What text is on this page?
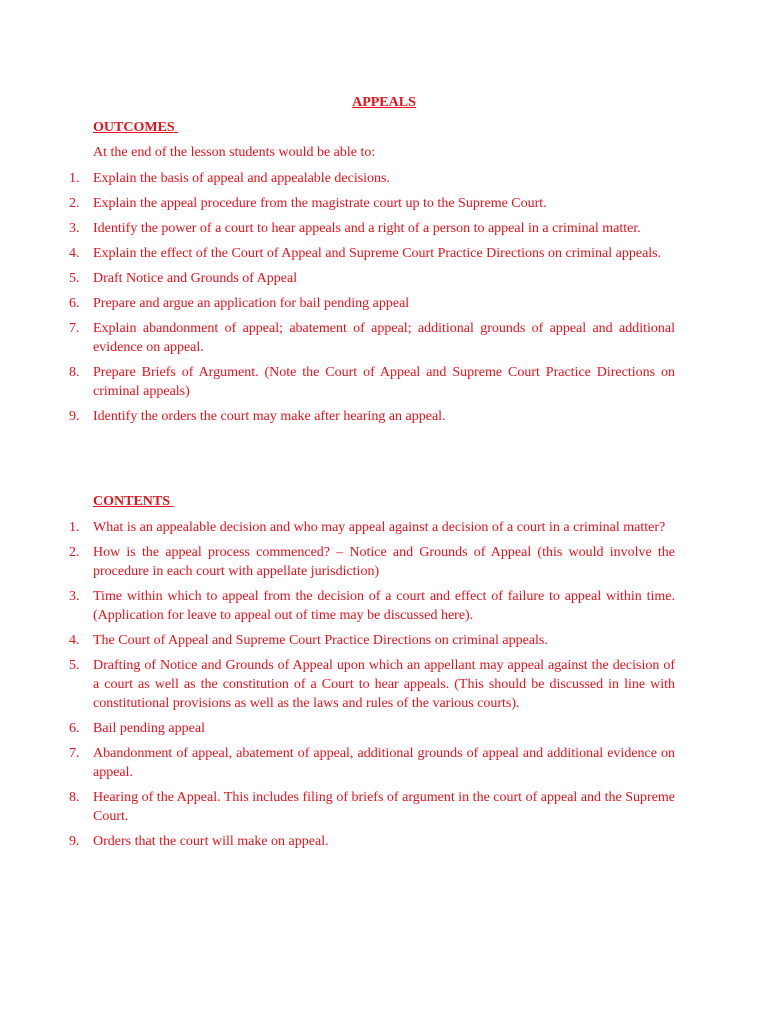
APPEALS
OUTCOMES
At the end of the lesson students would be able to:
1. Explain the basis of appeal and appealable decisions.
2. Explain the appeal procedure from the magistrate court up to the Supreme Court.
3. Identify the power of a court to hear appeals and a right of a person to appeal in a criminal matter.
4. Explain the effect of the Court of Appeal and Supreme Court Practice Directions on criminal appeals.
5. Draft Notice and Grounds of Appeal
6. Prepare and argue an application for bail pending appeal
7. Explain abandonment of appeal; abatement of appeal; additional grounds of appeal and additional evidence on appeal.
8. Prepare Briefs of Argument. (Note the Court of Appeal and Supreme Court Practice Directions on criminal appeals)
9. Identify the orders the court may make after hearing an appeal.
CONTENTS
1. What is an appealable decision and who may appeal against a decision of a court in a criminal matter?
2. How is the appeal process commenced? – Notice and Grounds of Appeal (this would involve the procedure in each court with appellate jurisdiction)
3. Time within which to appeal from the decision of a court and effect of failure to appeal within time. (Application for leave to appeal out of time may be discussed here).
4. The Court of Appeal and Supreme Court Practice Directions on criminal appeals.
5. Drafting of Notice and Grounds of Appeal upon which an appellant may appeal against the decision of a court as well as the constitution of a Court to hear appeals. (This should be discussed in line with constitutional provisions as well as the laws and rules of the various courts).
6. Bail pending appeal
7. Abandonment of appeal, abatement of appeal, additional grounds of appeal and additional evidence on appeal.
8. Hearing of the Appeal. This includes filing of briefs of argument in the court of appeal and the Supreme Court.
9. Orders that the court will make on appeal.
